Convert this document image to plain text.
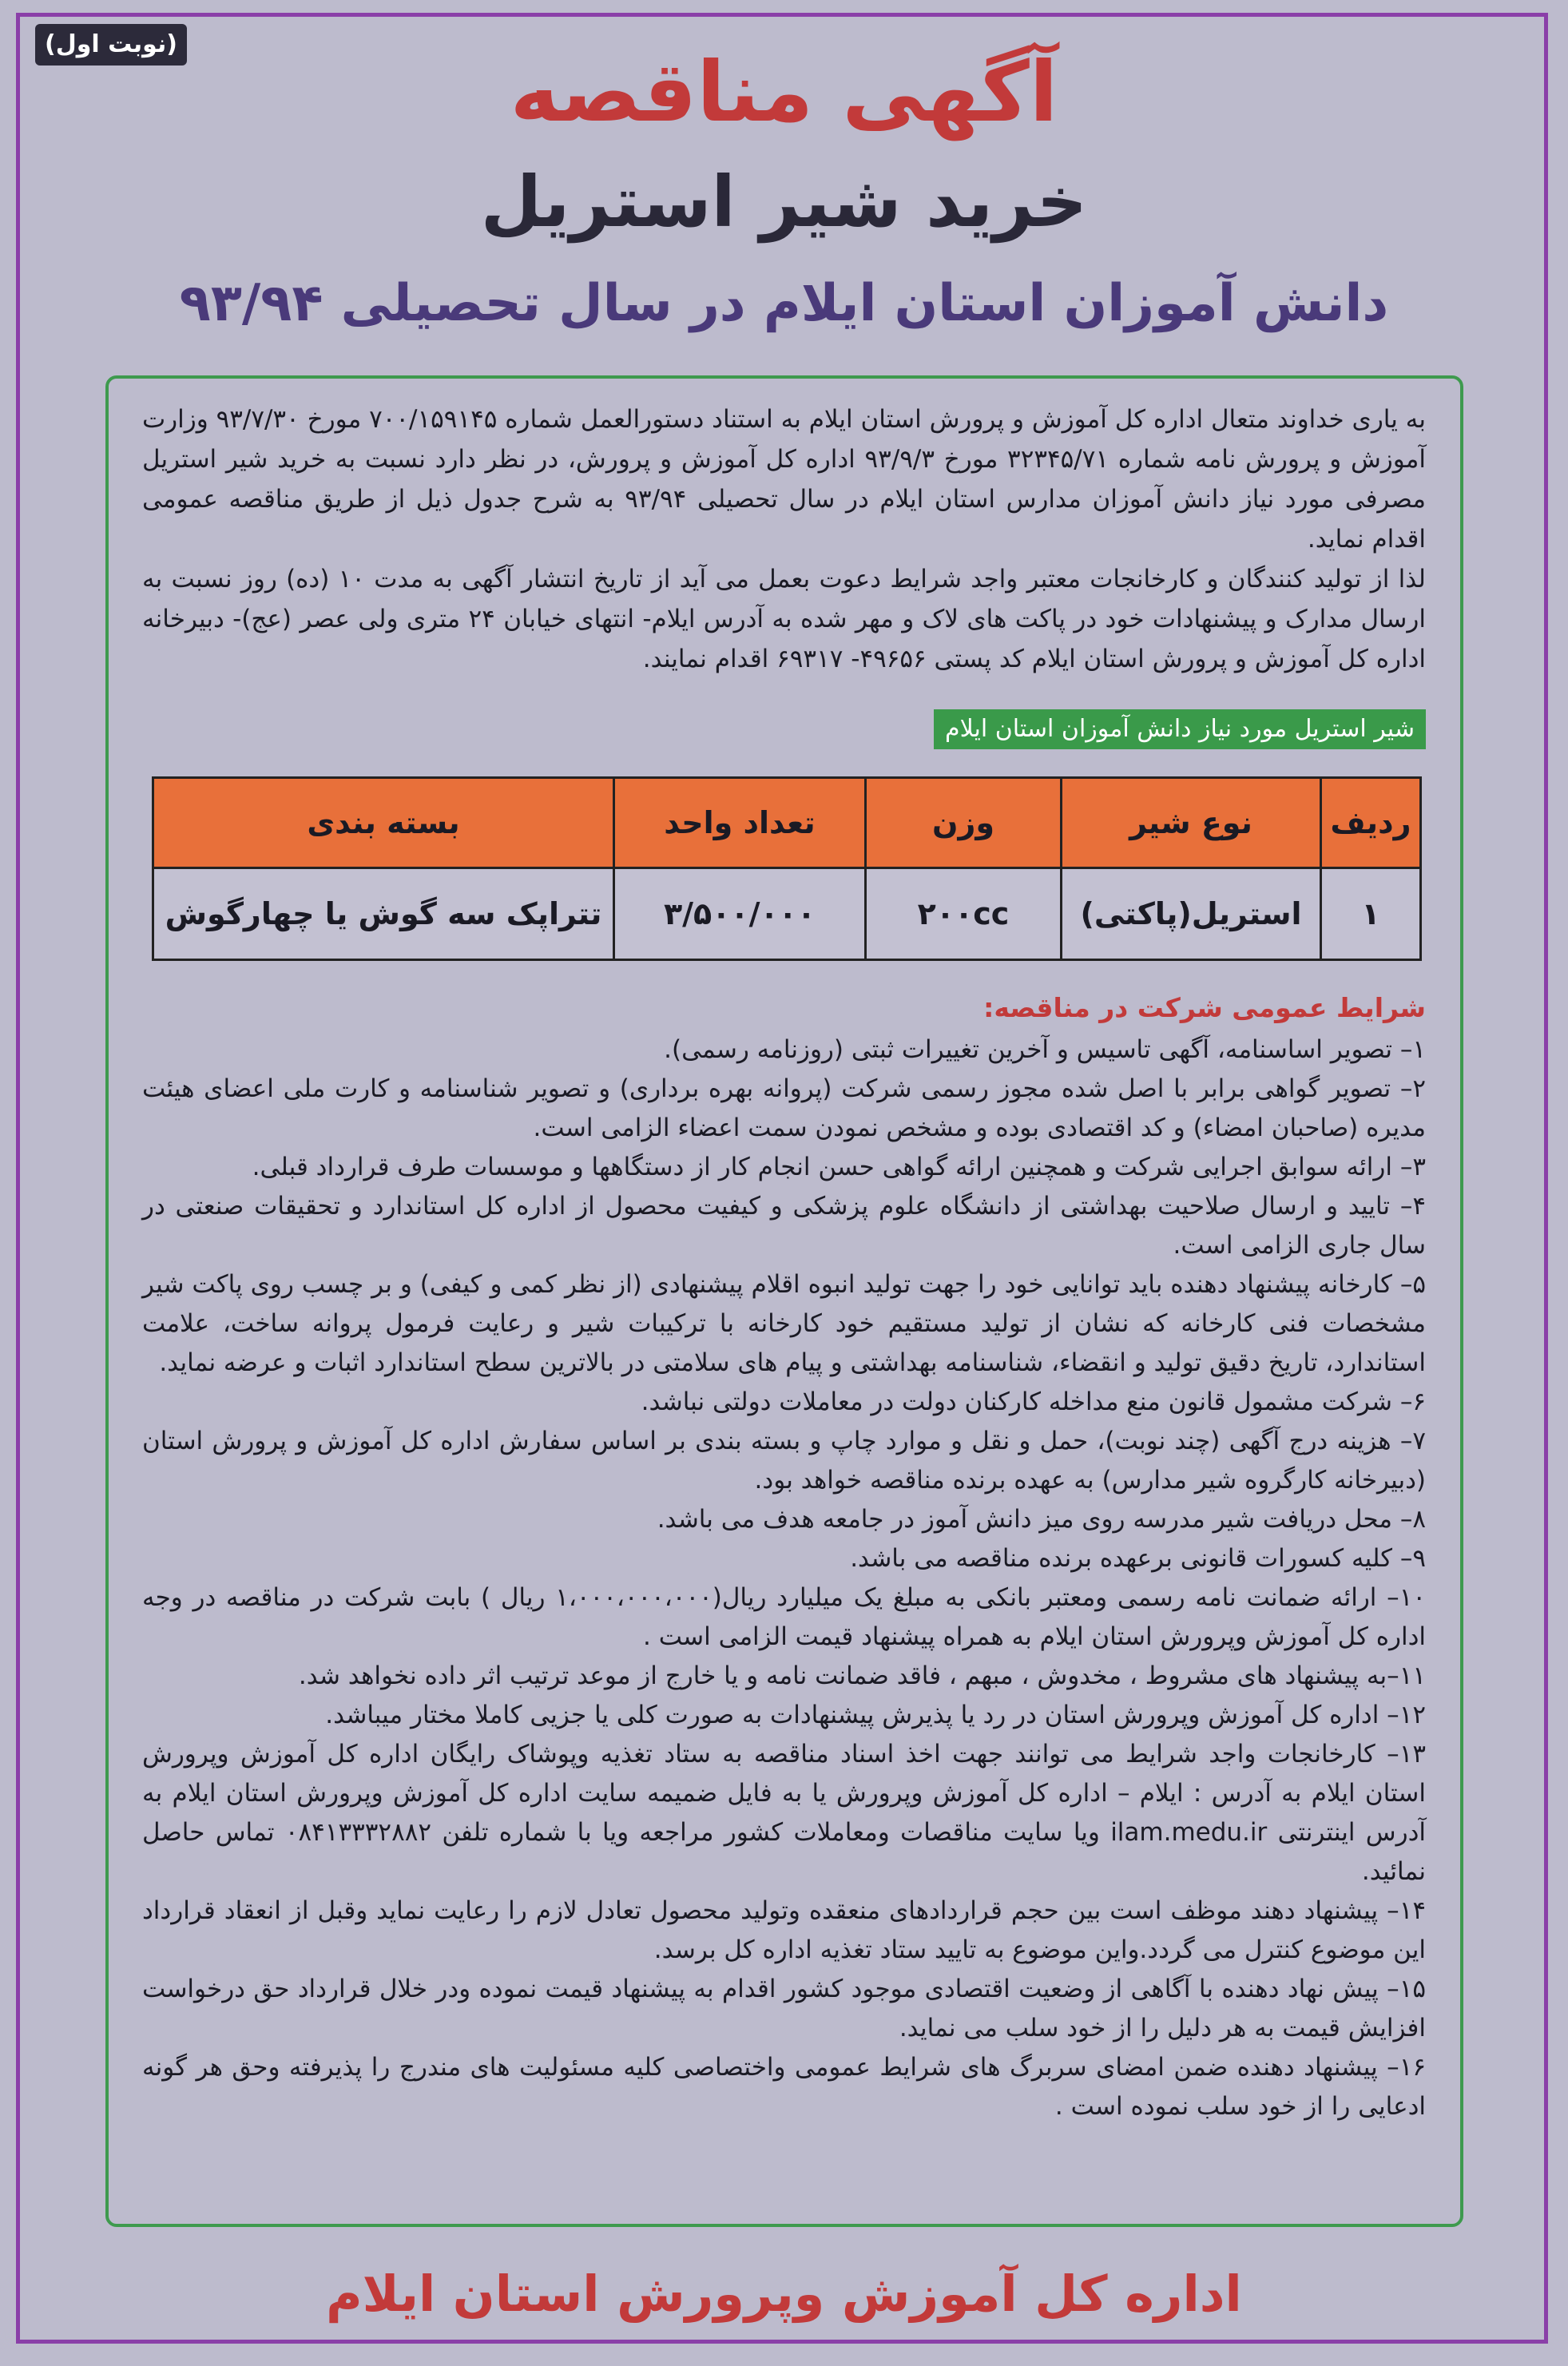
(نوبت اول)	آگهی مناقصه
خرید شیر استریل
دانش آموزان استان ایلام در سال تحصیلی ۹۳/۹۴

به یاری خداوند متعال اداره کل آموزش و پرورش استان ایلام به استناد دستورالعمل شماره ۷۰۰/۱۵۹۱۴۵ مورخ ۹۳/۷/۳۰ وزارت آموزش و پرورش نامه شماره ۳۲۳۴۵/۷۱ مورخ ۹۳/۹/۳ اداره کل آموزش و پرورش، در نظر دارد نسبت به خرید شیر استریل مصرفی مورد نیاز دانش آموزان مدارس استان ایلام در سال تحصیلی ۹۳/۹۴ به شرح جدول ذیل از طریق مناقصه عمومی اقدام نماید.

لذا از تولید کنندگان و کارخانجات معتبر واجد شرایط دعوت بعمل می آید از تاریخ انتشار آگهی به مدت ۱۰ (ده) روز نسبت به ارسال مدارک و پیشنهادات خود در پاکت های لاک و مهر شده به آدرس ایلام- انتهای خیابان ۲۴ متری ولی عصر (عج)- دبیرخانه اداره کل آموزش و پرورش استان ایلام کد پستی ۴۹۶۵۶- ۶۹۳۱۷ اقدام نمایند.

شیر استریل مورد نیاز دانش آموزان استان ایلام
ردیف	نوع شیر	وزن	تعداد واحد	بسته بندی
۱	استریل(پاکتی)	۲۰۰cc	۳/۵۰۰/۰۰۰	تتراپک سه گوش یا چهارگوش
شرایط عمومی شرکت در مناقصه:

۱– تصویر اساسنامه، آگهی تاسیس و آخرین تغییرات ثبتی (روزنامه رسمی).

۲– تصویر گواهی برابر با اصل شده مجوز رسمی شرکت (پروانه بهره برداری) و تصویر شناسنامه و کارت ملی اعضای هیئت مدیره (صاحبان امضاء) و کد اقتصادی بوده و مشخص نمودن سمت اعضاء الزامی است.

۳– ارائه سوابق اجرایی شرکت و همچنین ارائه گواهی حسن انجام کار از دستگاهها و موسسات طرف قرارداد قبلی.

۴– تایید و ارسال صلاحیت بهداشتی از دانشگاه علوم پزشکی و کیفیت محصول از اداره کل استاندارد و تحقیقات صنعتی در سال جاری الزامی است.

۵– کارخانه پیشنهاد دهنده باید توانایی خود را جهت تولید انبوه اقلام پیشنهادی (از نظر کمی و کیفی) و بر چسب روی پاکت شیر مشخصات فنی کارخانه که نشان از تولید مستقیم خود کارخانه با ترکیبات شیر و رعایت فرمول پروانه ساخت، علامت استاندارد، تاریخ دقیق تولید و انقضاء، شناسنامه بهداشتی و پیام های سلامتی در بالاترین سطح استاندارد اثبات و عرضه نماید.

۶– شرکت مشمول قانون منع مداخله کارکنان دولت در معاملات دولتی نباشد.

۷– هزینه درج آگهی (چند نوبت)، حمل و نقل و موارد چاپ و بسته بندی بر اساس سفارش اداره کل آموزش و پرورش استان (دبیرخانه کارگروه شیر مدارس) به عهده برنده مناقصه خواهد بود.

۸– محل دریافت شیر مدرسه روی میز دانش آموز در جامعه هدف می باشد.

۹– کلیه کسورات قانونی برعهده برنده مناقصه می باشد.

۱۰– ارائه ضمانت نامه رسمی ومعتبر بانکی به مبلغ یک میلیارد ریال(۱،۰۰۰،۰۰۰،۰۰۰ ریال ) بابت شرکت در مناقصه در وجه اداره کل آموزش وپرورش استان ایلام به همراه پیشنهاد قیمت الزامی است .

۱۱–به پیشنهاد های مشروط ، مخدوش ، مبهم ، فاقد ضمانت نامه و یا خارج از موعد ترتیب اثر داده نخواهد شد.

۱۲– اداره کل آموزش وپرورش استان در رد یا پذیرش پیشنهادات به صورت کلی یا جزیی کاملا مختار میباشد.

۱۳– کارخانجات واجد شرایط می توانند جهت اخذ اسناد مناقصه به ستاد تغذیه وپوشاک رایگان اداره کل آموزش وپرورش استان ایلام به آدرس : ایلام – اداره کل آموزش وپرورش یا به فایل ضمیمه سایت اداره کل آموزش وپرورش استان ایلام به آدرس اینترنتی ilam.medu.ir ویا سایت مناقصات ومعاملات کشور مراجعه ویا با شماره تلفن ۰۸۴۱۳۳۳۲۸۸۲ تماس حاصل نمائید.

۱۴– پیشنهاد دهند موظف است بین حجم قراردادهای منعقده وتولید محصول تعادل لازم را رعایت نماید وقبل از انعقاد قرارداد این موضوع کنترل می گردد.واین موضوع به تایید ستاد تغذیه اداره کل برسد.

۱۵– پیش نهاد دهنده با آگاهی از وضعیت اقتصادی موجود کشور اقدام به پیشنهاد قیمت نموده ودر خلال قرارداد حق درخواست افزایش قیمت به هر دلیل را از خود سلب می نماید.

۱۶– پیشنهاد دهنده ضمن امضای سربرگ های شرایط عمومی واختصاصی کلیه مسئولیت های مندرج را پذیرفته وحق هر گونه ادعایی را از خود سلب نموده است .

اداره کل آموزش وپرورش استان ایلام
